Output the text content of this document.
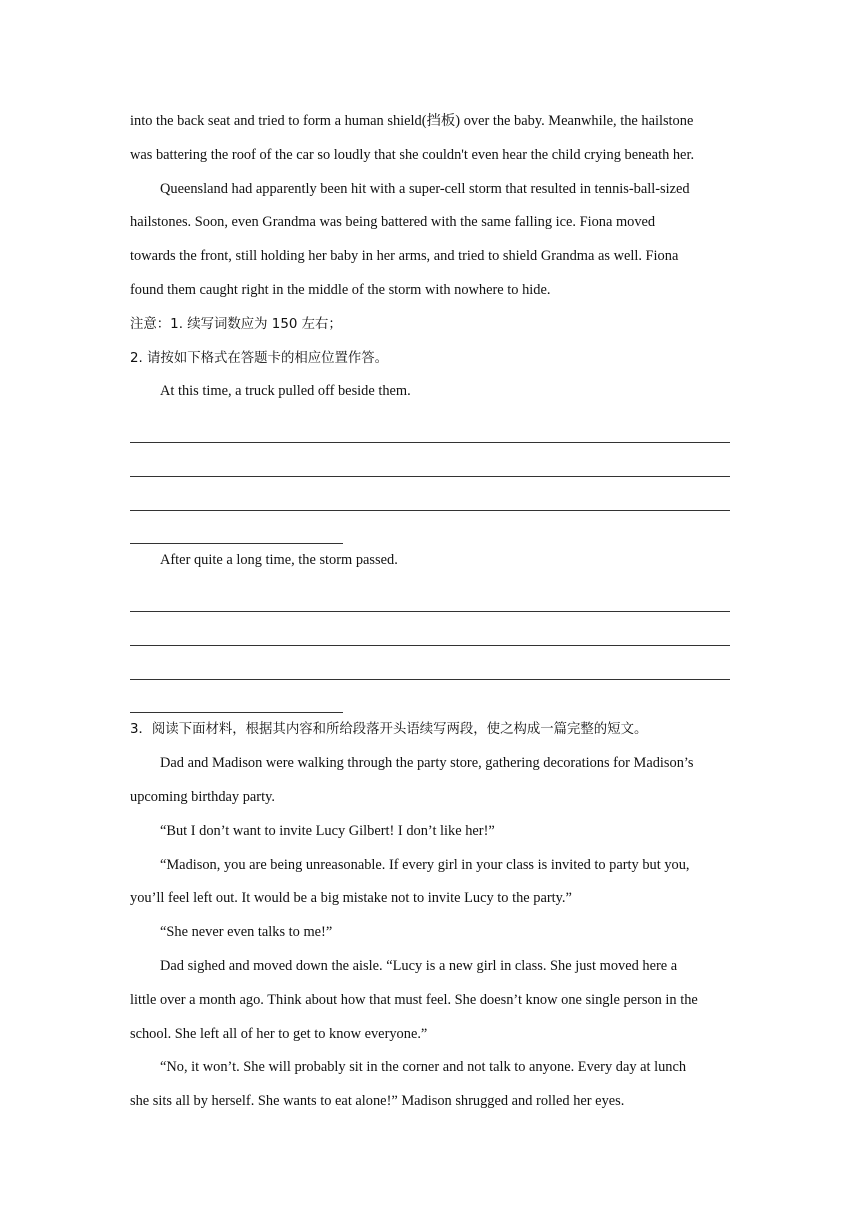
into the back seat and tried to form a human shield(挡板) over the baby. Meanwhile, the hailstone

was battering the roof of the car so loudly that she couldn't even hear the child crying beneath her.

Queensland had apparently been hit with a super-cell storm that resulted in tennis-ball-sized

hailstones. Soon, even Grandma was being battered with the same falling ice. Fiona moved

towards the front, still holding her baby in her arms, and tried to shield Grandma as well. Fiona

found them caught right in the middle of the storm with nowhere to hide.

注意：1. 续写词数应为 150 左右；

2. 请按如下格式在答题卡的相应位置作答。

At this time, a truck pulled off beside them.

After quite a long time, the storm passed.

3．阅读下面材料，根据其内容和所给段落开头语续写两段，使之构成一篇完整的短文。

Dad and Madison were walking through the party store, gathering decorations for Madison’s

upcoming birthday party.

“But I don’t want to invite Lucy Gilbert! I don’t like her!”

“Madison, you are being unreasonable. If every girl in your class is invited to party but you,

you’ll feel left out. It would be a big mistake not to invite Lucy to the party.”

“She never even talks to me!”

Dad sighed and moved down the aisle. “Lucy is a new girl in class. She just moved here a

little over a month ago. Think about how that must feel. She doesn’t know one single person in the

school. She left all of her to get to know everyone.”

“No, it won’t. She will probably sit in the corner and not talk to anyone. Every day at lunch

she sits all by herself. She wants to eat alone!” Madison shrugged and rolled her eyes.
